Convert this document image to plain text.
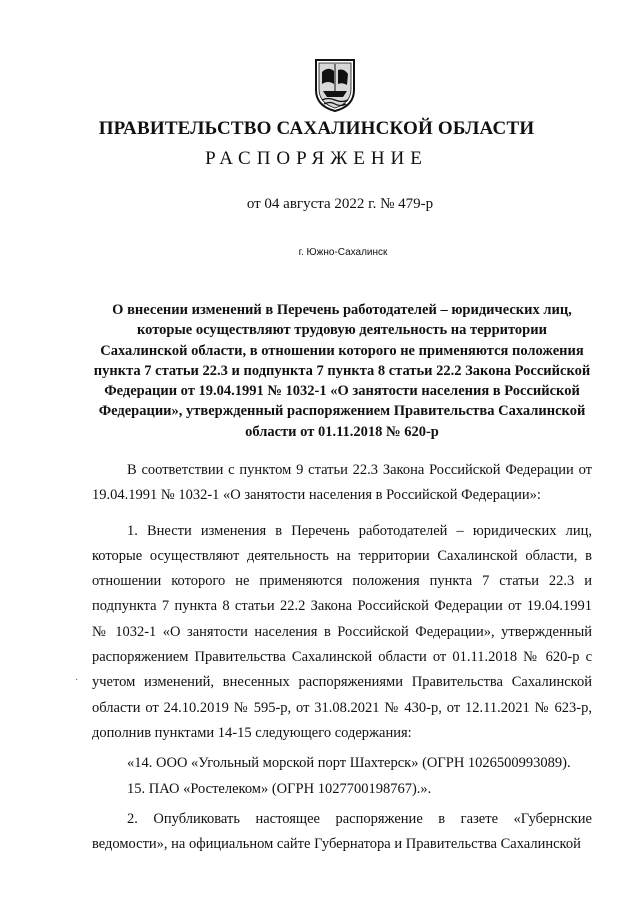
ПРАВИТЕЛЬСТВО САХАЛИНСКОЙ ОБЛАСТИ
РАСПОРЯЖЕНИЕ
от 04 августа 2022 г. № 479-р
г. Южно-Сахалинск
О внесении изменений в Перечень работодателей – юридических лиц, которые осуществляют трудовую деятельность на территории Сахалинской области, в отношении которого не применяются положения пункта 7 статьи 22.3 и подпункта 7 пункта 8 статьи 22.2 Закона Российской Федерации от 19.04.1991 № 1032-1 «О занятости населения в Российской Федерации», утвержденный распоряжением Правительства Сахалинской области от 01.11.2018 № 620-р

В соответствии с пунктом 9 статьи 22.3 Закона Российской Федерации от 19.04.1991 № 1032-1 «О занятости населения в Российской Федерации»:

1. Внести изменения в Перечень работодателей – юридических лиц, которые осуществляют деятельность на территории Сахалинской области, в отношении которого не применяются положения пункта 7 статьи 22.3 и подпункта 7 пункта 8 статьи 22.2 Закона Российской Федерации от 19.04.1991 № 1032-1 «О занятости населения в Российской Федерации», утвержденный распоряжением Правительства Сахалинской области от 01.11.2018 № 620-р с учетом изменений, внесенных распоряжениями Правительства Сахалинской области от 24.10.2019 № 595-р, от 31.08.2021 № 430-р, от 12.11.2021 № 623-р, дополнив пунктами 14-15 следующего содержания:

«14. ООО «Угольный морской порт Шахтерск» (ОГРН 1026500993089).

15. ПАО «Ростелеком» (ОГРН 1027700198767).».

2. Опубликовать настоящее распоряжение в газете «Губернские ведомости», на официальном сайте Губернатора и Правительства Сахалинской

·
